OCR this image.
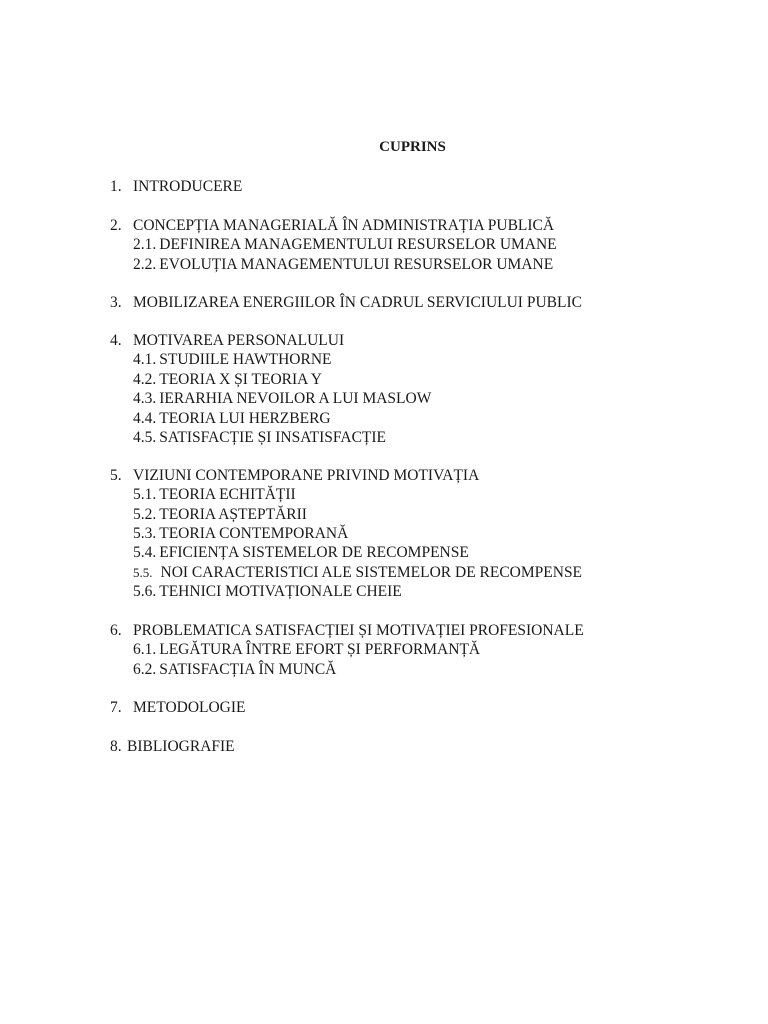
CUPRINS
1. INTRODUCERE
2. CONCEPȚIA MANAGERIALĂ ÎN ADMINISTRAȚIA PUBLICĂ
2.1. DEFINIREA MANAGEMENTULUI RESURSELOR UMANE
2.2. EVOLUȚIA MANAGEMENTULUI RESURSELOR UMANE
3. MOBILIZAREA ENERGIILOR ÎN CADRUL SERVICIULUI PUBLIC
4. MOTIVAREA PERSONALULUI
4.1. STUDIILE HAWTHORNE
4.2. TEORIA X ȘI TEORIA Y
4.3. IERARHIA NEVOILOR A LUI MASLOW
4.4. TEORIA LUI HERZBERG
4.5. SATISFACȚIE ȘI INSATISFACȚIE
5. VIZIUNI CONTEMPORANE PRIVIND MOTIVAȚIA
5.1. TEORIA ECHITĂȚII
5.2. TEORIA AȘTEPTĂRII
5.3. TEORIA CONTEMPORANĂ
5.4. EFICIENȚA SISTEMELOR DE RECOMPENSE
5.5. NOI CARACTERISTICI ALE SISTEMELOR DE RECOMPENSE
5.6. TEHNICI MOTIVAȚIONALE CHEIE
6. PROBLEMATICA SATISFACȚIEI ȘI MOTIVAȚIEI PROFESIONALE
6.1. LEGĂTURA ÎNTRE EFORT ȘI PERFORMANȚĂ
6.2. SATISFACȚIA ÎN MUNCĂ
7. METODOLOGIE
8. BIBLIOGRAFIE
